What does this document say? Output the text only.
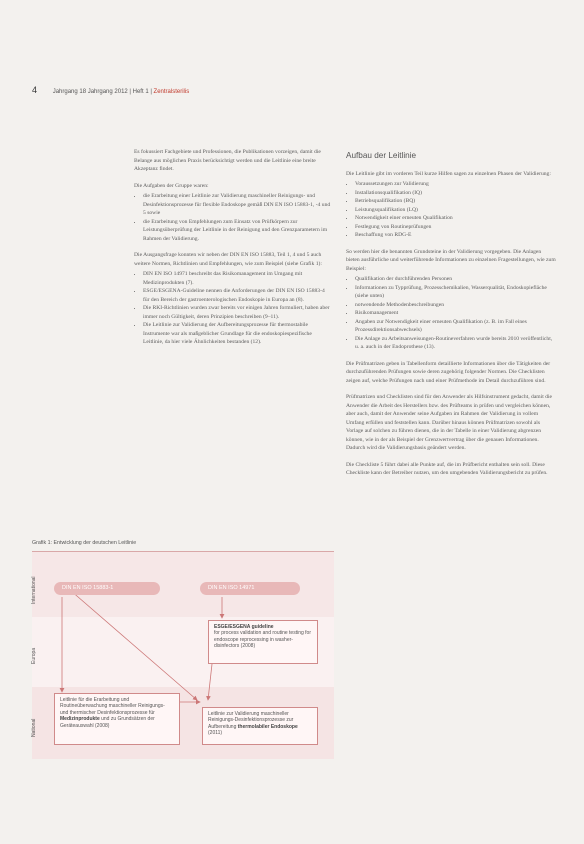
4	Jahrgang 18 Jahrgang 2012 | Heft 1 | Zentralsterilis

Es fokussiert Fachgebiete und Professionen, die Publikationen vorzeigen, damit die Belange aus möglichen Praxis berücksichtigt werden und die Leitlinie eine breite Akzeptanz findet.

Die Aufgaben der Gruppe waren:

• die Erarbeitung einer Leitlinie zur Validierung maschineller Reinigungs- und Desinfektionsprozesse für flexible Endoskope gemäß DIN EN ISO 15883-1, -4 und 5 sowie
• die Erarbeitung von Empfehlungen zum Einsatz von Prüfkörpern zur Leistungsüberprüfung der Leitlinie in der Reinigung und den Grenzparametern im Rahmen der Validierung.

Die Ausgangsfrage konnten wir neben der DIN EN ISO 15883, Teil 1, 4 und 5 auch weitere Normen, Richtlinien und Empfehlungen, wie zum Beispiel (siehe Grafik 1):

• DIN EN ISO 14971 beschreibt das Risikomanagement im Umgang mit Medizinprodukten (7).
• ESGE/ESGENA-Guideline nennen die Anforderungen der DIN EN ISO 15883-4 für den Bereich der gastroenterologischen Endoskopie in Europa an (8).
• Die RKI-Richtlinien wurden zwar bereits vor einigen Jahren formuliert, haben aber immer noch Gültigkeit, deren Prinzipien beschreiben (9–11).
• Die Leitlinie zur Validierung der Aufbereitungsprozesse für thermostabile Instrumente war als maßgeblicher Grundlage für die endoskopiespezifische Leitlinie, da hier viele Ähnlichkeiten bestanden (12).
Aufbau der Leitlinie

Die Leitlinie gibt im vorderen Teil kurze Hilfen sagen zu einzelnen Phasen der Validierung:

• Voraussetzungen zur Validierung
• Installationsqualifikation (IQ)
• Betriebsqualifikation (BQ)
• Leistungsqualifikation (LQ)
• Notwendigkeit einer erneuten Qualifikation
• Festlegung von Routineprüfungen
• Beschaffung von RDG-E

So werden hier die benannten Grundsteine in der Validierung vorgegeben. Die Anlagen bieten ausführliche und weiterführende Informationen zu einzelnen Fragestellungen, wie zum Beispiel:

• Qualifikation der durchführenden Personen
• Informationen zu Typprüfung, Prozesschemikalien, Wasserqualität, Endoskopiefläche (siehe unten)
• notwendende Methodenbeschreibungen
• Risikomanagement
• Angaben zur Notwendigkeit einer erneuten Qualifikation (z. B. im Fall eines Prozessdirektionsabwechsels)
• Die Anlage zu Arbeitsanweisungen-Routineverfahren wurde bereits 2010 veröffentlicht, u. a. auch in der Endoprothese (13).

Die Prüfmatrizen geben in Tabellenform detaillierte Informationen über die Tätigkeiten der durchzuführenden Prüfungen sowie deren zugehörig folgender Normen. Die Checklisten zeigen auf, welche Prüfungen nach und einer Prüfmethode im Detail durchzuführen sind.

Prüfmatrizen und Checklisten sind für den Anwender als Hilfsinstrument gedacht, damit die Anwender die Arbeit des Herstellers bzw. des Prüfteams in prüfen und vergleichen können, aber auch, damit der Anwender seine Aufgaben im Rahmen der Validierung in vollem Umfang erfüllen und feststellen kann. Darüber hinaus können Prüfmatrizen sowohl als Vorlage auf solchen zu führen dienen, die in der Tabelle in einer Validierung abgrenzen können, wie in der als Beispiel der Grenzwertvertrag über die genauen Informationen. Dadurch wird die Validierungsbasis geändert werden.

Die Checkliste 5 führt dabei alle Punkte auf, die im Prüfbericht enthalten sein soll. Diese Checkliste kann der Betreiber nutzen, um den umgebenden Validierungsbericht zu prüfen.

Grafik 1: Entwicklung der deutschen Leitlinie
International
Europa
National
DIN EN ISO 15883-1	DIN EN ISO 14971
ESGE/ESGENA guideline
for process validation and routine testing for endoscope reprocessing in washer-disinfectors (2008)
Leitlinie für die Erarbeitung und Routineüberwachung maschineller Reinigungs- und thermischer Desinfektionsprozesse für Medizinprodukte und zu Grundsätzen der Geräteauswahl (2008)
Leitlinie zur Validierung maschineller Reinigungs-Desinfektionsprozesse zur Aufbereitung thermolabiler Endoskope (2011)
